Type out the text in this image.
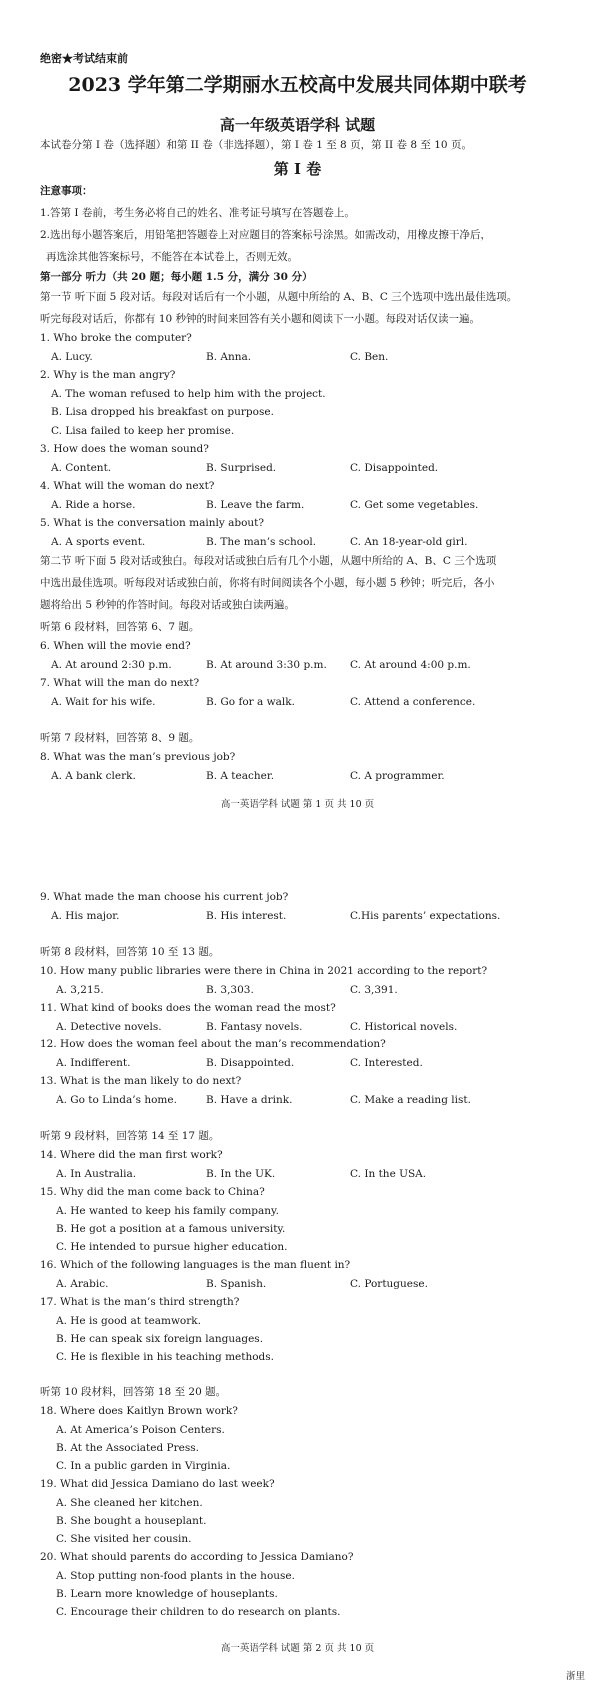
绝密★考试结束前
2023 学年第二学期丽水五校高中发展共同体期中联考
高一年级英语学科 试题
本试卷分第 I 卷（选择题）和第 II 卷（非选择题），第 I 卷 1 至 8 页，第 II 卷 8 至 10 页。
第 I 卷
注意事项：
1.答第 I 卷前，考生务必将自己的姓名、准考证号填写在答题卷上。
2.选出每小题答案后，用铅笔把答题卷上对应题目的答案标号涂黑。如需改动，用橡皮擦干净后，
再选涂其他答案标号，不能答在本试卷上，否则无效。
第一部分 听力（共 20 题；每小题 1.5 分，满分 30 分）
第一节 听下面 5 段对话。每段对话后有一个小题，从题中所给的 A、B、C 三个选项中选出最佳选项。
听完每段对话后，你都有 10 秒钟的时间来回答有关小题和阅读下一小题。每段对话仅读一遍。
1. Who broke the computer?
A. Lucy.	B. Anna.	C. Ben.
2. Why is the man angry?
A. The woman refused to help him with the project.
B. Lisa dropped his breakfast on purpose.
C. Lisa failed to keep her promise.
3. How does the woman sound?
A. Content.	B. Surprised.	C. Disappointed.
4. What will the woman do next?
A. Ride a horse.	B. Leave the farm.	C. Get some vegetables.
5. What is the conversation mainly about?
A. A sports event.	B. The man’s school.	C. An 18-year-old girl.
第二节 听下面 5 段对话或独白。每段对话或独白后有几个小题，从题中所给的 A、B、C 三个选项
中选出最佳选项。听每段对话或独白前，你将有时间阅读各个小题，每小题 5 秒钟；听完后，各小
题将给出 5 秒钟的作答时间。每段对话或独白读两遍。
听第 6 段材料，回答第 6、7 题。
6. When will the movie end?
A. At around 2:30 p.m.	B. At around 3:30 p.m. C. At around 4:00 p.m.
7. What will the man do next?
A. Wait for his wife.	B. Go for a walk.	C. Attend a conference.
听第 7 段材料，回答第 8、9 题。
8. What was the man’s previous job?
A. A bank clerk.	B. A teacher.	C. A programmer.
高一英语学科 试题 第 1 页 共 10 页
9. What made the man choose his current job?
A. His major.	B. His interest.	C.His parents’ expectations.
听第 8 段材料，回答第 10 至 13 题。
10. How many public libraries were there in China in 2021 according to the report?
A. 3,215.	B. 3,303.	C. 3,391.
11. What kind of books does the woman read the most?
A. Detective novels.	B. Fantasy novels.	C. Historical novels.
12. How does the woman feel about the man’s recommendation?
A. Indifferent.	B. Disappointed.	C. Interested.
13. What is the man likely to do next?
A. Go to Linda’s home.	B. Have a drink.	C. Make a reading list.
听第 9 段材料，回答第 14 至 17 题。
14. Where did the man first work?
A. In Australia.	B. In the UK.	C. In the USA.
15. Why did the man come back to China?
A. He wanted to keep his family company.
B. He got a position at a famous university.
C. He intended to pursue higher education.
16. Which of the following languages is the man fluent in?
A. Arabic.	B. Spanish.	C. Portuguese.
17. What is the man’s third strength?
A. He is good at teamwork.
B. He can speak six foreign languages.
C. He is flexible in his teaching methods.
听第 10 段材料，回答第 18 至 20 题。
18. Where does Kaitlyn Brown work?
A. At America’s Poison Centers.
B. At the Associated Press.
C. In a public garden in Virginia.
19. What did Jessica Damiano do last week?
A. She cleaned her kitchen.
B. She bought a houseplant.
C. She visited her cousin.
20. What should parents do according to Jessica Damiano?
A. Stop putting non-food plants in the house.
B. Learn more knowledge of houseplants.
C. Encourage their children to do research on plants.
高一英语学科 试题 第 2 页 共 10 页
浙里
